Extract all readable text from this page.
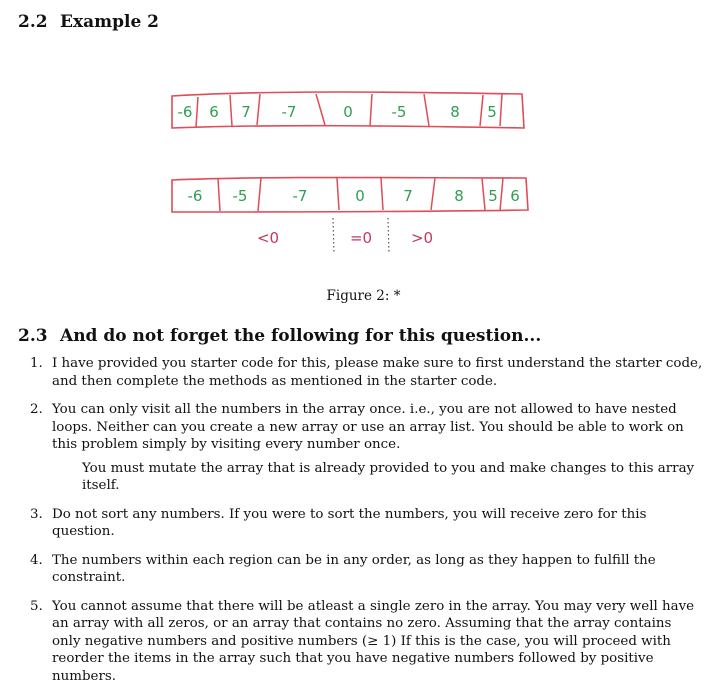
2.2 Example 2
-6 6 7 -7	0	-5	8 5
-6 -5	-7	0	7	8 5 6
<0	=0	>0
Figure 2: *
2.3 And do not forget the following for this question...
1. I have provided you starter code for this, please make sure to first understand the starter code, and then complete the methods as mentioned in the starter code.
2. You can only visit all the numbers in the array once. i.e., you are not allowed to have nested loops. Neither can you create a new array or use an array list. You should be able to work on this problem simply by visiting every number once.

You must mutate the array that is already provided to you and make changes to this array itself.

3. Do not sort any numbers. If you were to sort the numbers, you will receive zero for this question.
4. The numbers within each region can be in any order, as long as they happen to fulfill the constraint.
5. You cannot assume that there will be atleast a single zero in the array. You may very well have an array with all zeros, or an array that contains no zero. Assuming that the array contains only negative numbers and positive numbers (≥ 1) If this is the case, you will proceed with reorder the items in the array such that you have negative numbers followed by positive numbers.
